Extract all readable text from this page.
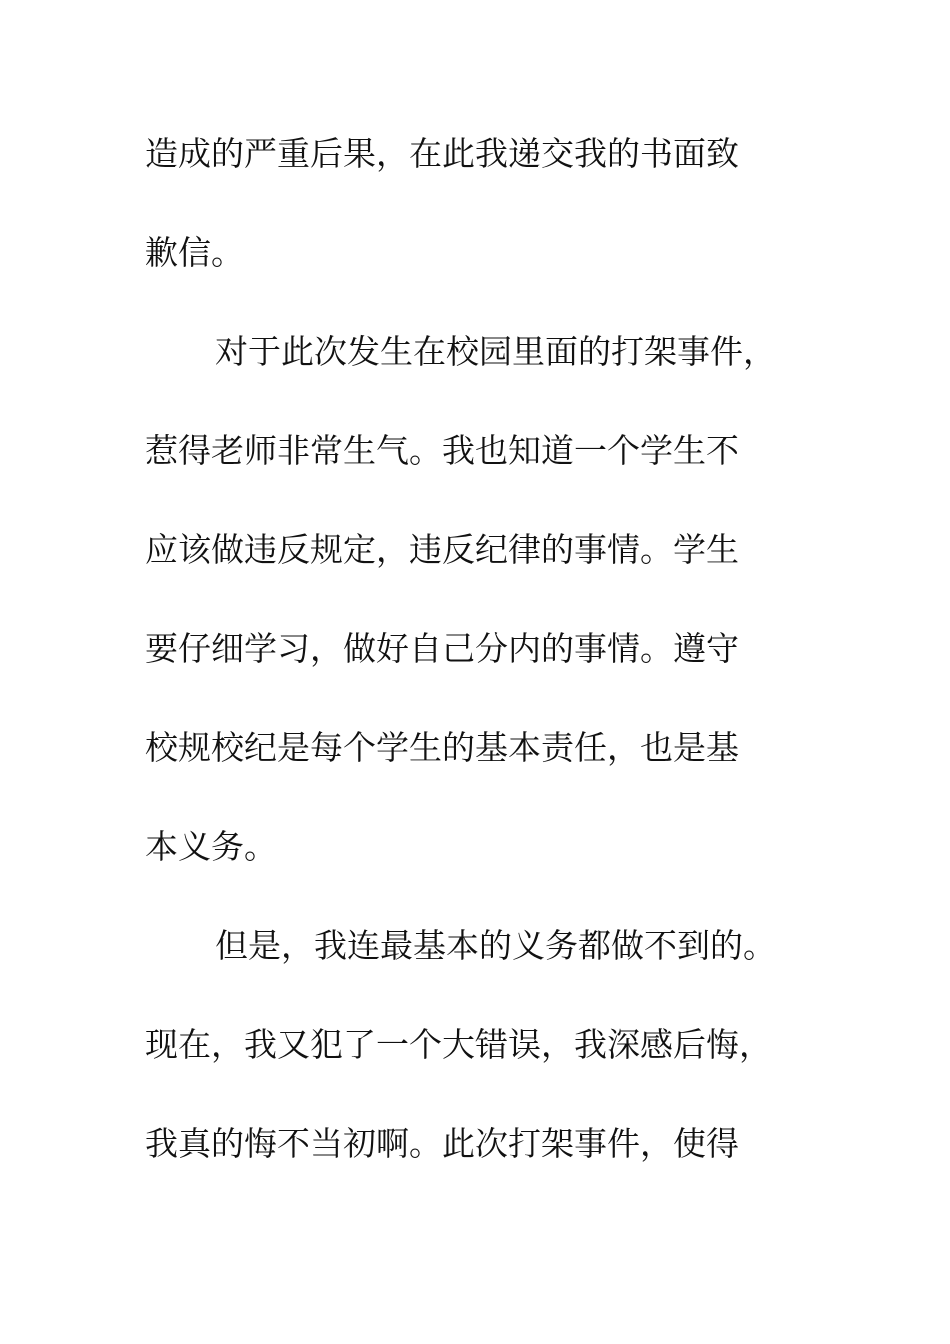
造成的严重后果，在此我递交我的书面致
歉信。
对于此次发生在校园里面的打架事件，
惹得老师非常生气。我也知道一个学生不
应该做违反规定，违反纪律的事情。学生
要仔细学习，做好自己分内的事情。遵守
校规校纪是每个学生的基本责任，也是基
本义务。
但是，我连最基本的义务都做不到的。
现在，我又犯了一个大错误，我深感后悔，
我真的悔不当初啊。此次打架事件，使得
